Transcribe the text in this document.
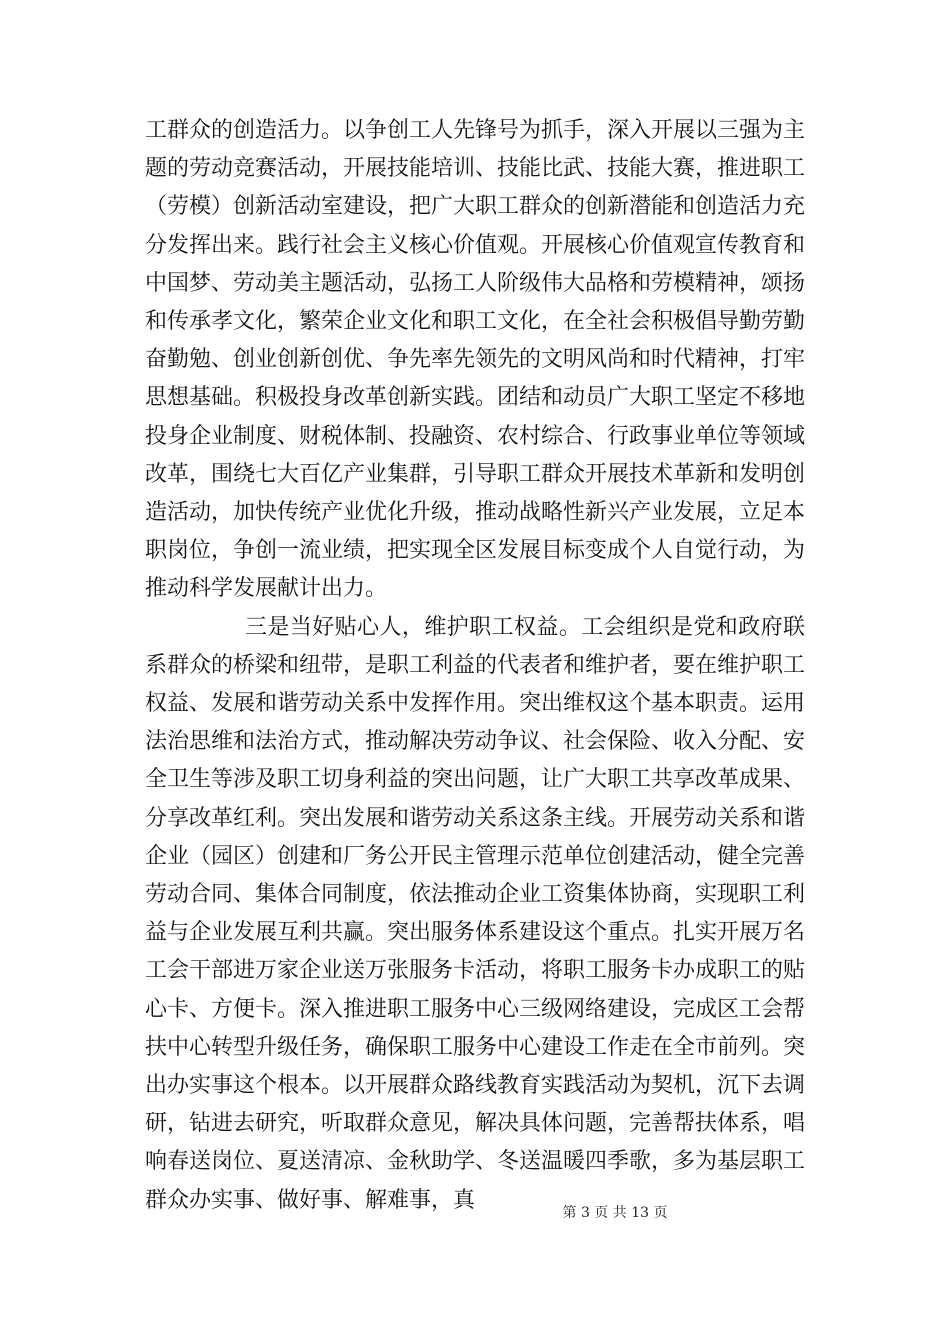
工群众的创造活力。以争创工人先锋号为抓手，深入开展以三强为主题的劳动竞赛活动，开展技能培训、技能比武、技能大赛，推进职工（劳模）创新活动室建设，把广大职工群众的创新潜能和创造活力充分发挥出来。践行社会主义核心价值观。开展核心价值观宣传教育和中国梦、劳动美主题活动，弘扬工人阶级伟大品格和劳模精神，颂扬和传承孝文化，繁荣企业文化和职工文化，在全社会积极倡导勤劳勤奋勤勉、创业创新创优、争先率先领先的文明风尚和时代精神，打牢思想基础。积极投身改革创新实践。团结和动员广大职工坚定不移地投身企业制度、财税体制、投融资、农村综合、行政事业单位等领域改革，围绕七大百亿产业集群，引导职工群众开展技术革新和发明创造活动，加快传统产业优化升级，推动战略性新兴产业发展，立足本职岗位，争创一流业绩，把实现全区发展目标变成个人自觉行动，为推动科学发展献计出力。

三是当好贴心人，维护职工权益。工会组织是党和政府联系群众的桥梁和纽带，是职工利益的代表者和维护者，要在维护职工权益、发展和谐劳动关系中发挥作用。突出维权这个基本职责。运用法治思维和法治方式，推动解决劳动争议、社会保险、收入分配、安全卫生等涉及职工切身利益的突出问题，让广大职工共享改革成果、分享改革红利。突出发展和谐劳动关系这条主线。开展劳动关系和谐企业（园区）创建和厂务公开民主管理示范单位创建活动，健全完善劳动合同、集体合同制度，依法推动企业工资集体协商，实现职工利益与企业发展互利共赢。突出服务体系建设这个重点。扎实开展万名工会干部进万家企业送万张服务卡活动，将职工服务卡办成职工的贴心卡、方便卡。深入推进职工服务中心三级网络建设，完成区工会帮扶中心转型升级任务，确保职工服务中心建设工作走在全市前列。突出办实事这个根本。以开展群众路线教育实践活动为契机，沉下去调研，钻进去研究，听取群众意见，解决具体问题，完善帮扶体系，唱响春送岗位、夏送清凉、金秋助学、冬送温暖四季歌，多为基层职工群众办实事、做好事、解难事，真

第 3 页 共 13 页
